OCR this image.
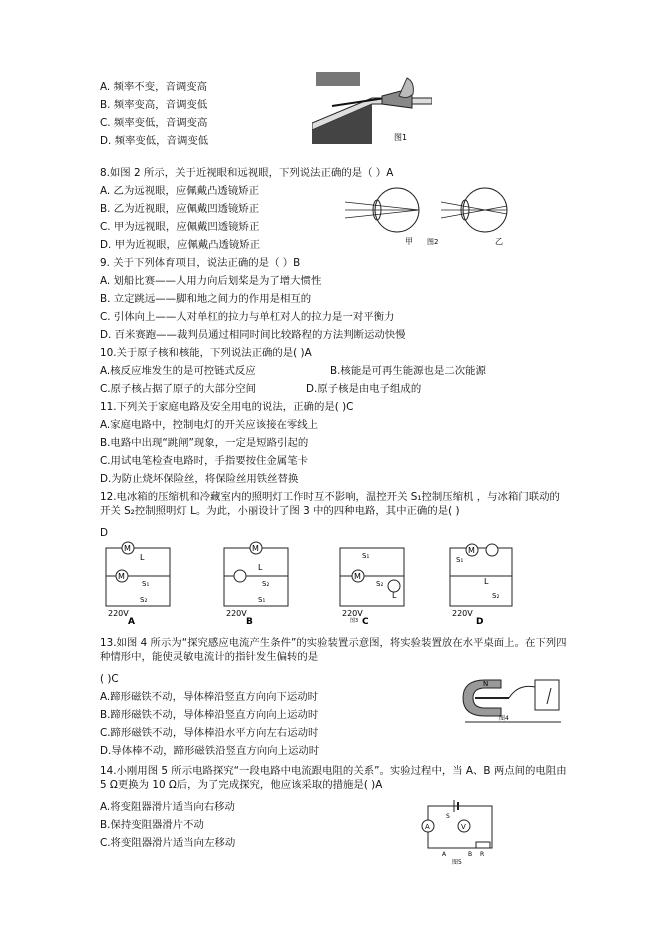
A. 频率不变，音调变高
B. 频率变高，音调变低
C. 频率变低，音调变高
D. 频率变低，音调变低	图1
8.如图 2 所示，关于近视眼和远视眼，下列说法正确的是（ ）A
A. 乙为远视眼，应佩戴凸透镜矫正
B. 乙为近视眼，应佩戴凹透镜矫正
C. 甲为远视眼，应佩戴凹透镜矫正
D. 甲为近视眼，应佩戴凸透镜矫正	甲 图2	乙
9. 关于下列体育项目，说法正确的是（ ）B
A. 划船比赛——人用力向后划桨是为了增大惯性
B. 立定跳远——脚和地之间力的作用是相互的
C. 引体向上——人对单杠的拉力与单杠对人的拉力是一对平衡力
D. 百米赛跑——裁判员通过相同时间比较路程的方法判断运动快慢
10.关于原子核和核能，下列说法正确的是( )A
A.核反应堆发生的是可控链式反应	B.核能是可再生能源也是二次能源
C.原子核占据了原子的大部分空间	D.原子核是由电子组成的
11.下列关于家庭电路及安全用电的说法，正确的是( )C
A.家庭电路中，控制电灯的开关应该接在零线上
B.电路中出现“跳闸”现象，一定是短路引起的
C.用试电笔检查电路时，手指要按住金属笔卡
D.为防止烧坏保险丝，将保险丝用铁丝替换
12.电冰箱的压缩机和冷藏室内的照明灯工作时互不影响，温控开关 S₁控制压缩机 ，与冰箱门联动的开关 S₂控制照明灯 L。为此，小丽设计了图 3 中的四种电路，其中正确的是( )
D
M
L
M
S₁
220V
S₂
A
M
L
S₂
220V
S₁
B
S₁
M
L
S₂
220V
C
M
S₁
L
S₂
220V
D
图3
13.如图 4 所示为“探究感应电流产生条件”的实验装置示意图，将实验装置放在水平桌面上。在下列四种情形中，能使灵敏电流计的指针发生偏转的是
( )C
A.蹄形磁铁不动，导体棒沿竖直方向向下运动时
B.蹄形磁铁不动，导体棒沿竖直方向向上运动时
C.蹄形磁铁不动，导体棒沿水平方向左右运动时
D.导体棒不动，蹄形磁铁沿竖直方向向上运动时
N
图4
14.小刚用图 5 所示电路探究“一段电路中电流跟电阻的关系”。实验过程中，当 A、B 两点间的电阻由 5 Ω更换为 10 Ω后，为了完成探究，他应该采取的措施是( )A
A.将变阻器滑片适当向右移动
B.保持变阻器滑片不动
C.将变阻器滑片适当向左移动
S
A	V
A	B R
图5
